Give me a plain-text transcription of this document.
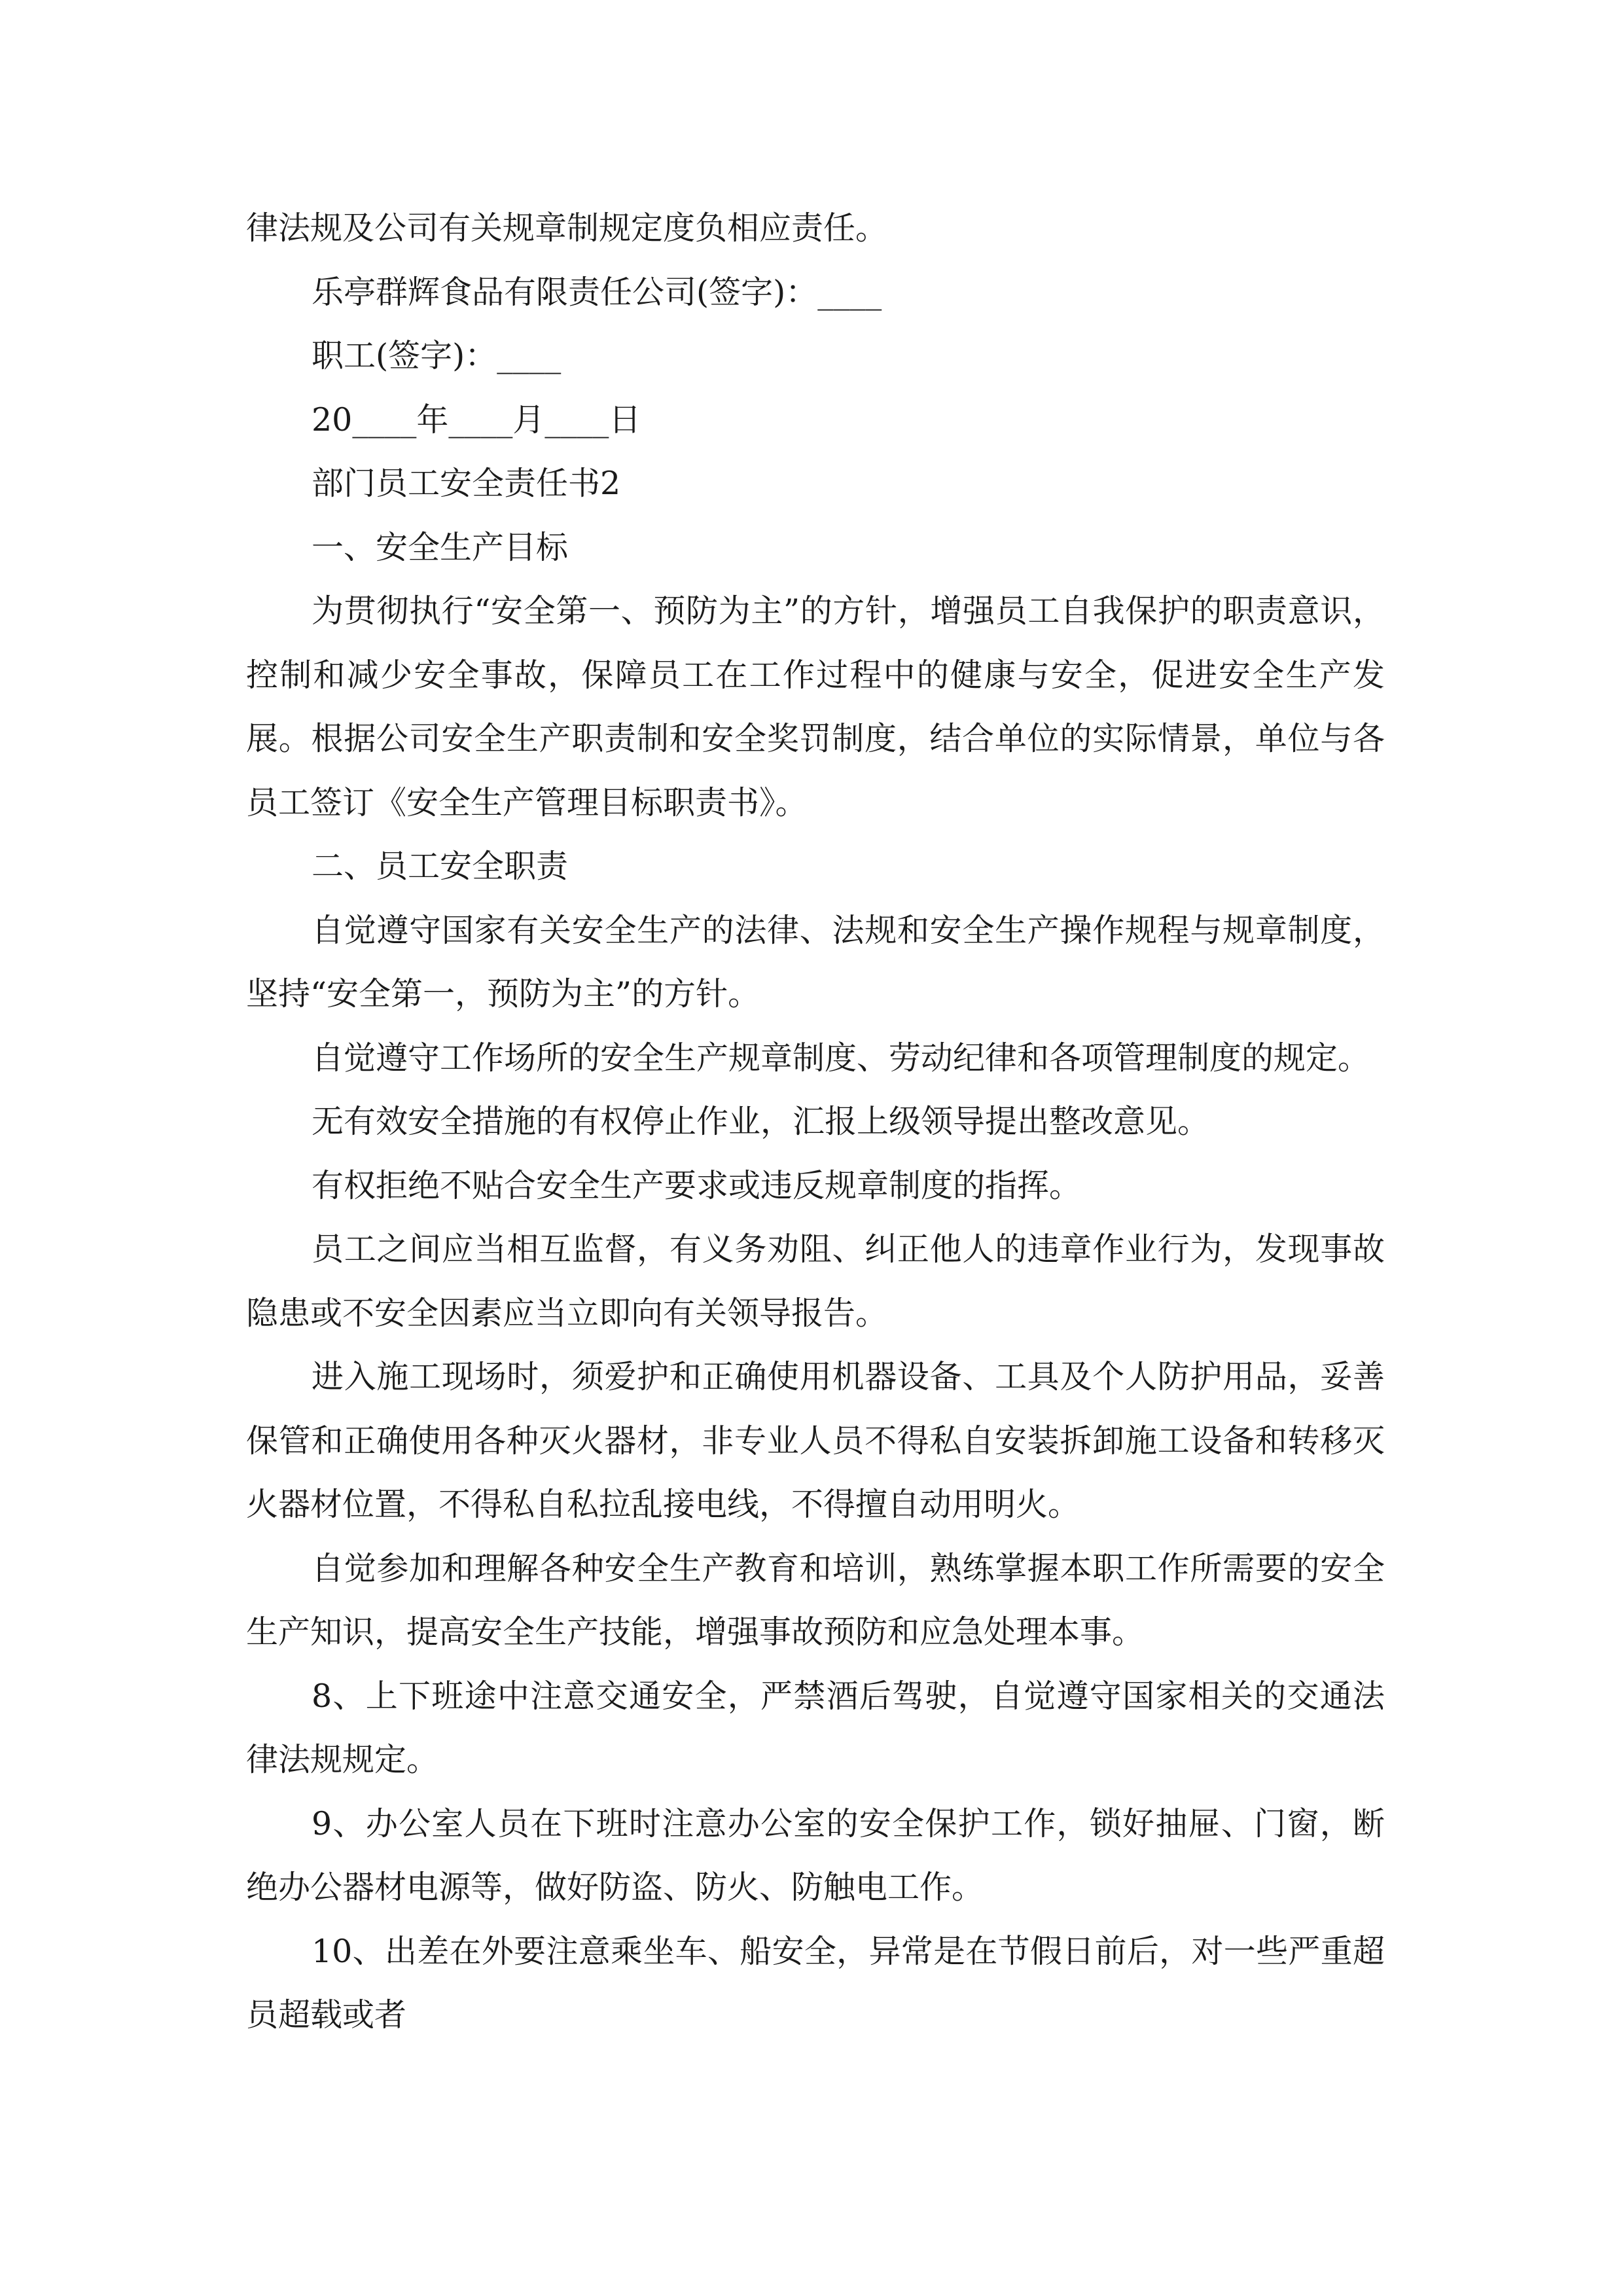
律法规及公司有关规章制规定度负相应责任。

乐亭群辉食品有限责任公司(签字)：____

职工(签字)：____

20____年____月____日

部门员工安全责任书2

一、安全生产目标

为贯彻执行“安全第一、预防为主”的方针，增强员工自我保护的职责意识，控制和减少安全事故，保障员工在工作过程中的健康与安全，促进安全生产发展。根据公司安全生产职责制和安全奖罚制度，结合单位的实际情景，单位与各员工签订《安全生产管理目标职责书》。

二、员工安全职责

自觉遵守国家有关安全生产的法律、法规和安全生产操作规程与规章制度，坚持“安全第一，预防为主”的方针。

自觉遵守工作场所的安全生产规章制度、劳动纪律和各项管理制度的规定。

无有效安全措施的有权停止作业，汇报上级领导提出整改意见。

有权拒绝不贴合安全生产要求或违反规章制度的指挥。

员工之间应当相互监督，有义务劝阻、纠正他人的违章作业行为，发现事故隐患或不安全因素应当立即向有关领导报告。

进入施工现场时，须爱护和正确使用机器设备、工具及个人防护用品，妥善保管和正确使用各种灭火器材，非专业人员不得私自安装拆卸施工设备和转移灭火器材位置，不得私自私拉乱接电线，不得擅自动用明火。

自觉参加和理解各种安全生产教育和培训，熟练掌握本职工作所需要的安全生产知识，提高安全生产技能，增强事故预防和应急处理本事。

8、上下班途中注意交通安全，严禁酒后驾驶，自觉遵守国家相关的交通法律法规规定。

9、办公室人员在下班时注意办公室的安全保护工作，锁好抽屉、门窗，断绝办公器材电源等，做好防盗、防火、防触电工作。

10、出差在外要注意乘坐车、船安全，异常是在节假日前后，对一些严重超员超载或者
